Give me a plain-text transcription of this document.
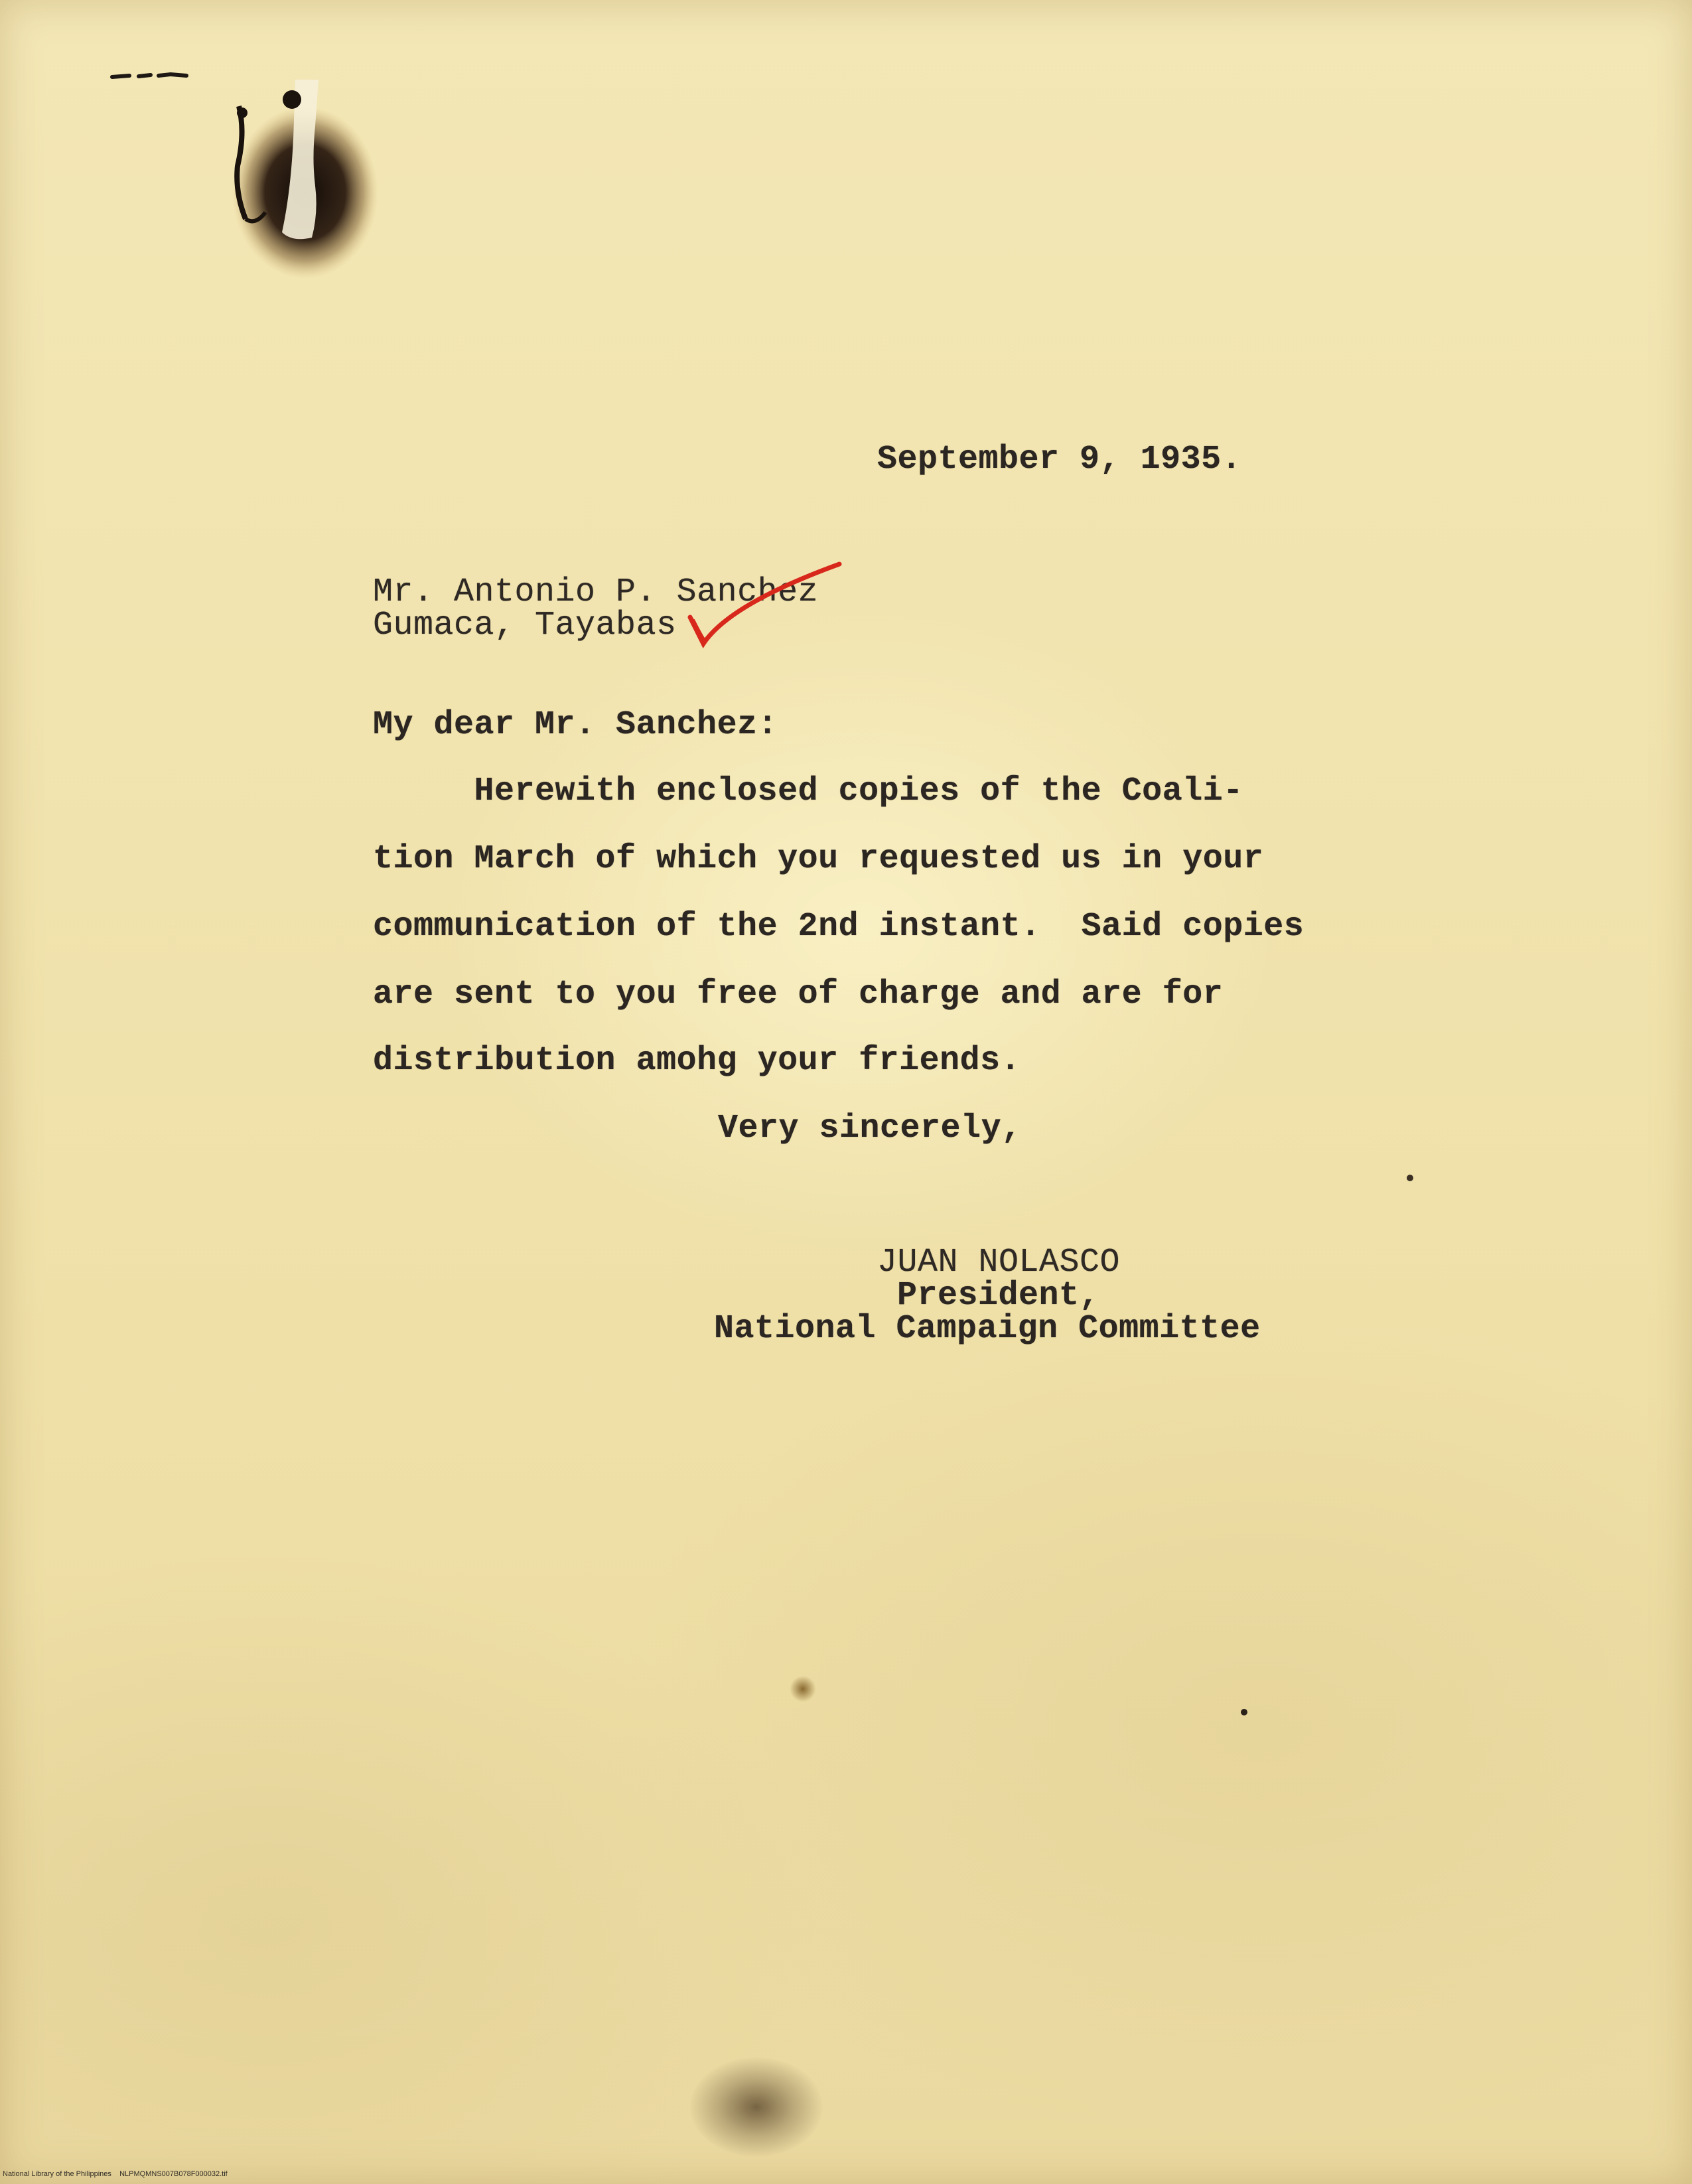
September 9, 1935.
Mr. Antonio P. Sanchez
Gumaca, Tayabas
My dear Mr. Sanchez:
Herewith enclosed copies of the Coali-
tion March of which you requested us in your
communication of the 2nd instant.  Said copies
are sent to you free of charge and are for
distribution amohg your friends.
Very sincerely,
JUAN NOLASCO
President,
National Campaign Committee
National Library of the Philippines    NLPMQMNS007B078F000032.tif
